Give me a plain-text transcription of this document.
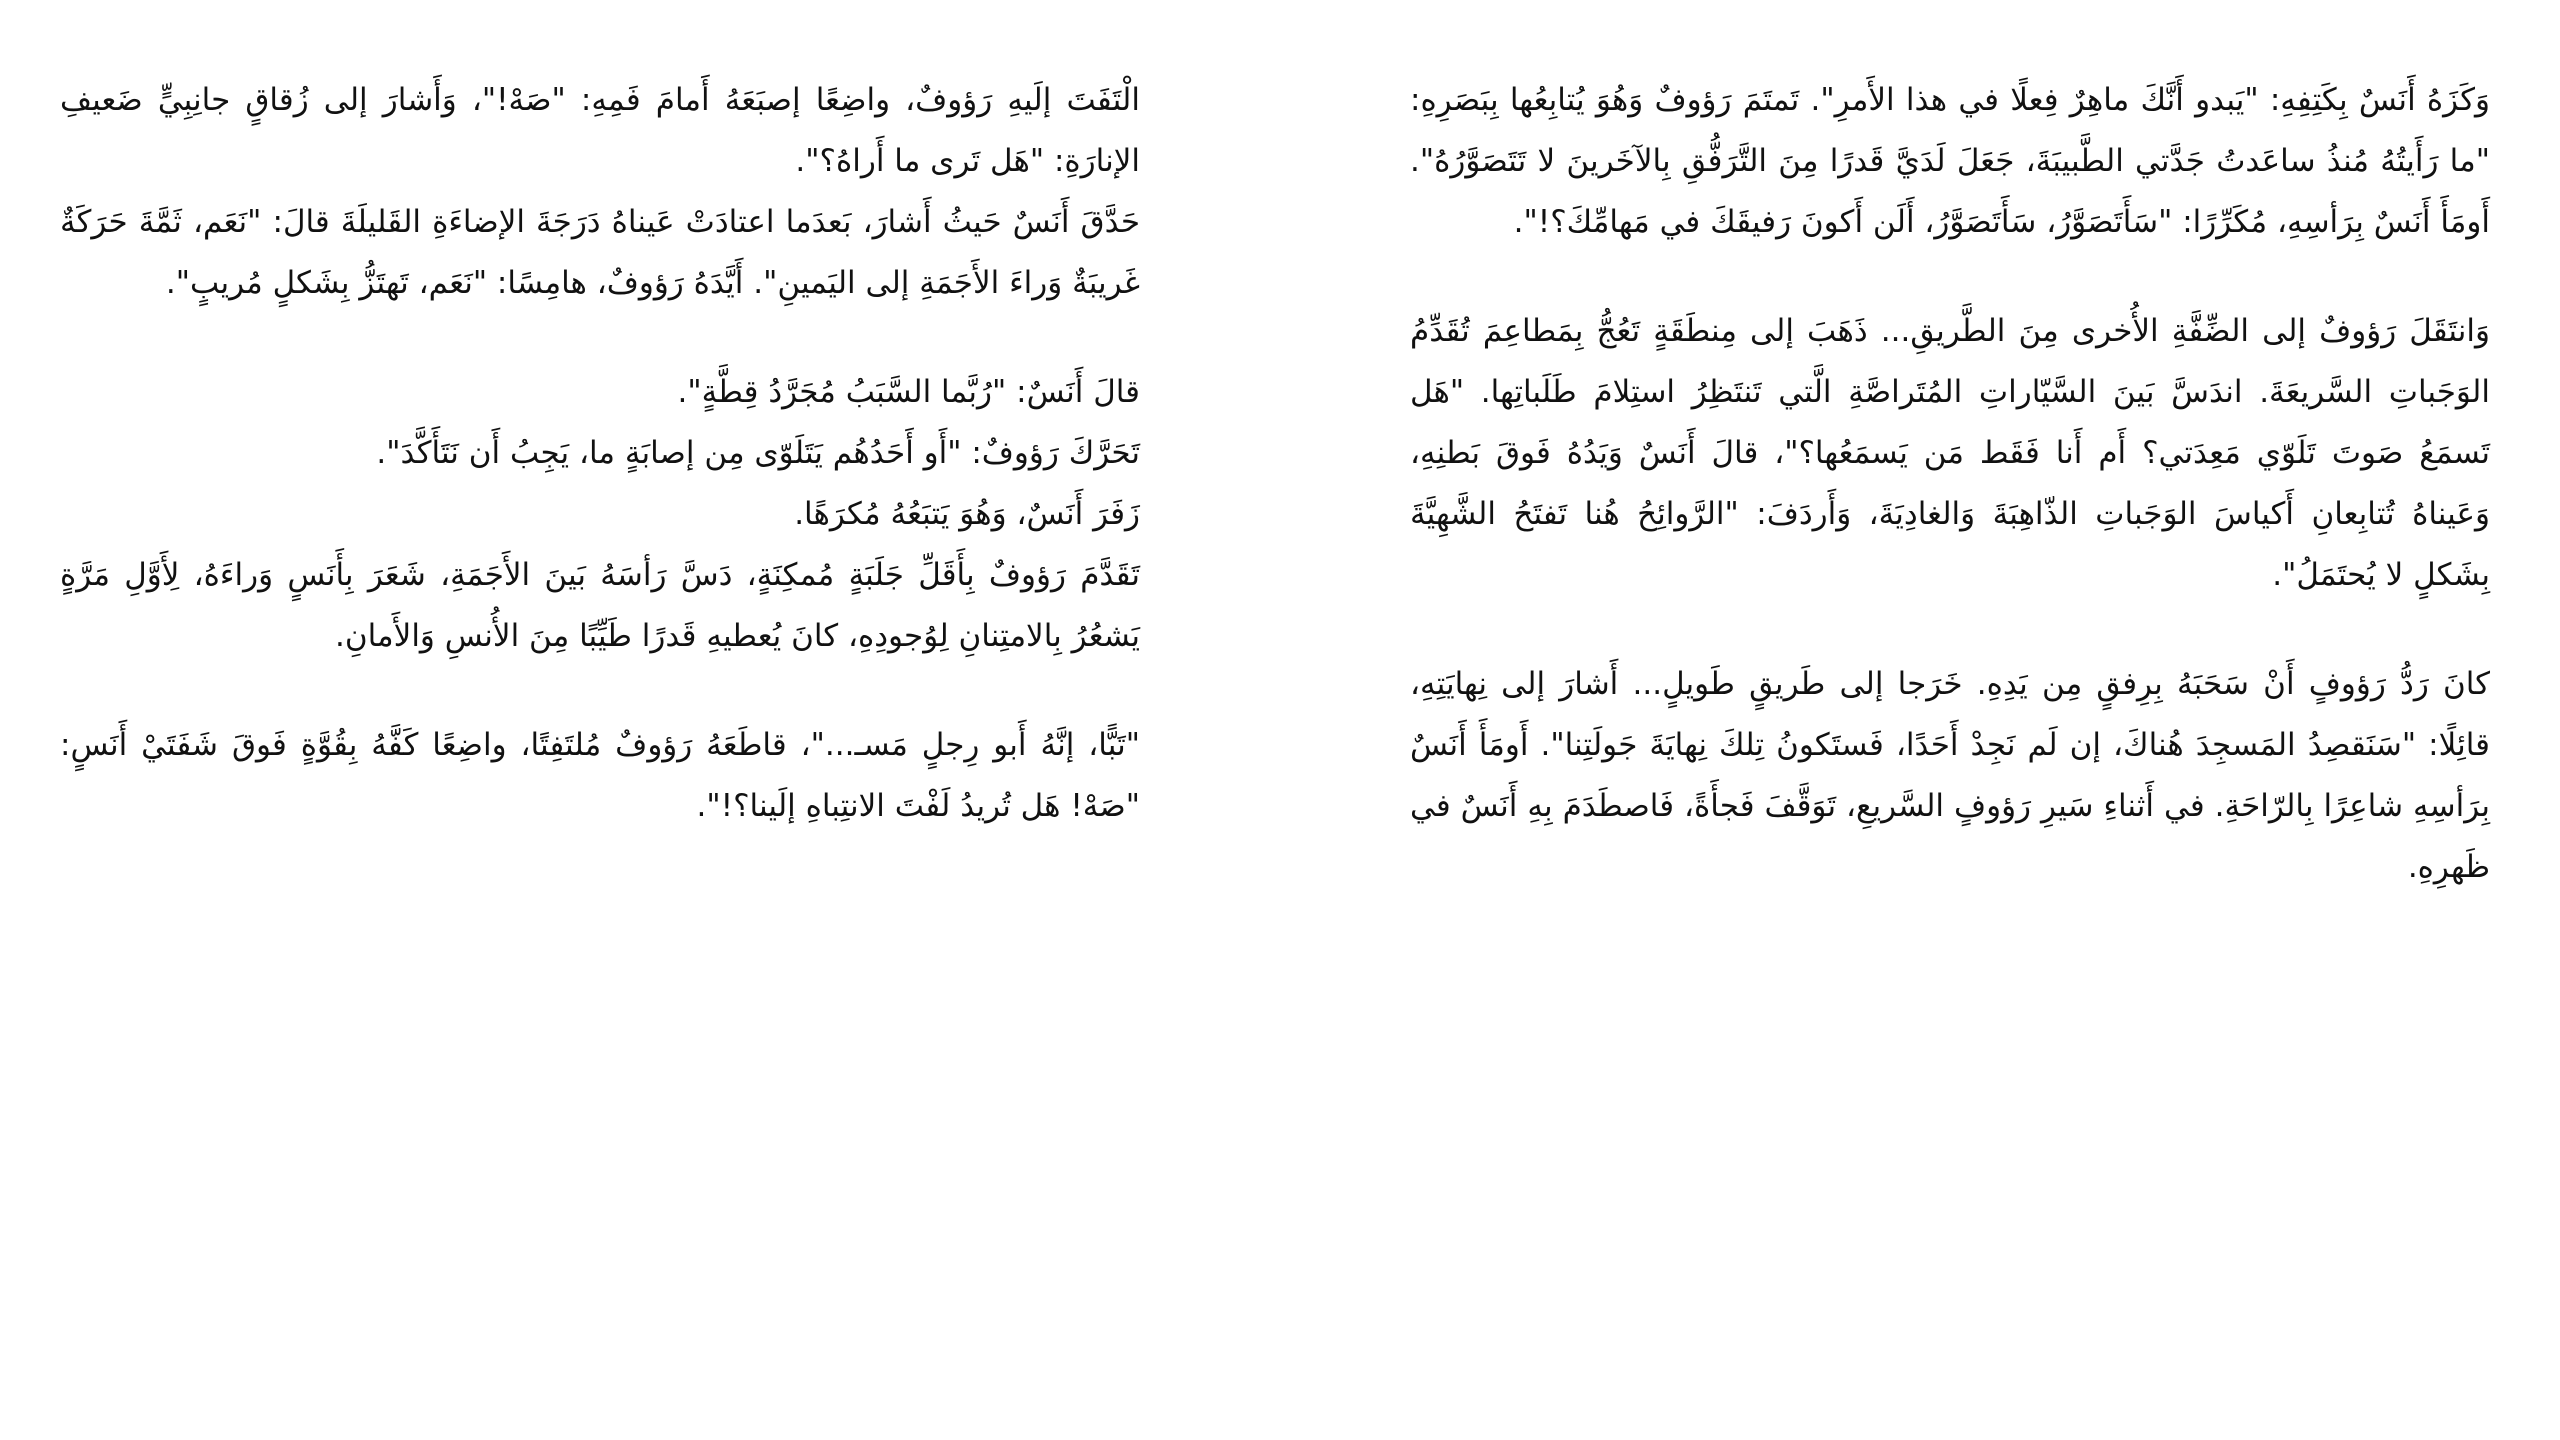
وَكَزَهُ أَنَسٌ بِكَتِفِهِ: "يَبدو أَنَّكَ ماهِرٌ فِعلًا في هذا الأَمرِ". تَمتَمَ رَؤوفٌ وَهُوَ يُتابِعُها بِبَصَرِهِ: "ما رَأَيتُهُ مُنذُ ساعَدتُ جَدَّتي الطَّبيبَةَ، جَعَلَ لَدَيَّ قَدرًا مِنَ التَّرَفُّقِ بِالآخَرينَ لا تَتَصَوَّرُهُ". أَومَأَ أَنَسٌ بِرَأسِهِ، مُكَرِّرًا: "سَأَتَصَوَّرُ، سَأَتَصَوَّرُ، أَلَن أَكونَ رَفيقَكَ في مَهامِّكَ؟!".

وَانتَقَلَ رَؤوفٌ إلى الضِّفَّةِ الأُخرى مِنَ الطَّريقِ... ذَهَبَ إلى مِنطَقَةٍ تَعُجُّ بِمَطاعِمَ تُقَدِّمُ الوَجَباتِ السَّريعَةَ. اندَسَّ بَينَ السَّيّاراتِ المُتَراصَّةِ الَّتي تَنتَظِرُ استِلامَ طَلَباتِها. "هَل تَسمَعُ صَوتَ تَلَوّي مَعِدَتي؟ أَم أَنا فَقَط مَن يَسمَعُها؟"، قالَ أَنَسٌ وَيَدُهُ فَوقَ بَطنِهِ، وَعَيناهُ تُتابِعانِ أَكياسَ الوَجَباتِ الذّاهِبَةَ وَالغادِيَةَ، وَأَردَفَ: "الرَّوائِحُ هُنا تَفتَحُ الشَّهِيَّةَ بِشَكلٍ لا يُحتَمَلُ".

كانَ رَدُّ رَؤوفٍ أَنْ سَحَبَهُ بِرِفقٍ مِن يَدِهِ. خَرَجا إلى طَريقٍ طَويلٍ... أَشارَ إلى نِهايَتِهِ، قائِلًا: "سَنَقصِدُ المَسجِدَ هُناكَ، إن لَم نَجِدْ أَحَدًا، فَستَكونُ تِلكَ نِهايَةَ جَولَتِنا". أَومَأَ أَنَسٌ بِرَأسِهِ شاعِرًا بِالرّاحَةِ. في أَثناءِ سَيرِ رَؤوفٍ السَّريعِ، تَوَقَّفَ فَجأَةً، فَاصطَدَمَ بِهِ أَنَسٌ في ظَهرِهِ.

الْتَفَتَ إلَيهِ رَؤوفٌ، واضِعًا إصبَعَهُ أَمامَ فَمِهِ: "صَهْ!"، وَأَشارَ إلى زُقاقٍ جانِبِيٍّ ضَعيفِ الإنارَةِ: "هَل تَرى ما أَراهُ؟".

حَدَّقَ أَنَسٌ حَيثُ أَشارَ، بَعدَما اعتادَتْ عَيناهُ دَرَجَةَ الإضاءَةِ القَليلَةَ قالَ: "نَعَم، ثَمَّةَ حَرَكَةٌ غَريبَةٌ وَراءَ الأَجَمَةِ إلى اليَمينِ". أَيَّدَهُ رَؤوفٌ، هامِسًا: "نَعَم، تَهتَزُّ بِشَكلٍ مُريبٍ".

قالَ أَنَسٌ: "رُبَّما السَّبَبُ مُجَرَّدُ قِطَّةٍ".

تَحَرَّكَ رَؤوفٌ: "أَو أَحَدُهُم يَتَلَوّى مِن إصابَةٍ ما، يَجِبُ أَن نَتَأَكَّدَ".

زَفَرَ أَنَسٌ، وَهُوَ يَتبَعُهُ مُكرَهًا.

تَقَدَّمَ رَؤوفٌ بِأَقَلِّ جَلَبَةٍ مُمكِنَةٍ، دَسَّ رَأسَهُ بَينَ الأَجَمَةِ، شَعَرَ بِأَنَسٍ وَراءَهُ، لِأَوَّلِ مَرَّةٍ يَشعُرُ بِالامتِنانِ لِوُجودِهِ، كانَ يُعطيهِ قَدرًا طَيِّبًا مِنَ الأُنسِ وَالأَمانِ.

"تَبًّا، إنَّهُ أَبو رِجلٍ مَسـ..."، قاطَعَهُ رَؤوفٌ مُلتَفِتًا، واضِعًا كَفَّهُ بِقُوَّةٍ فَوقَ شَفَتَيْ أَنَسٍ: "صَهْ! هَل تُريدُ لَفْتَ الانتِباهِ إلَينا؟!".
